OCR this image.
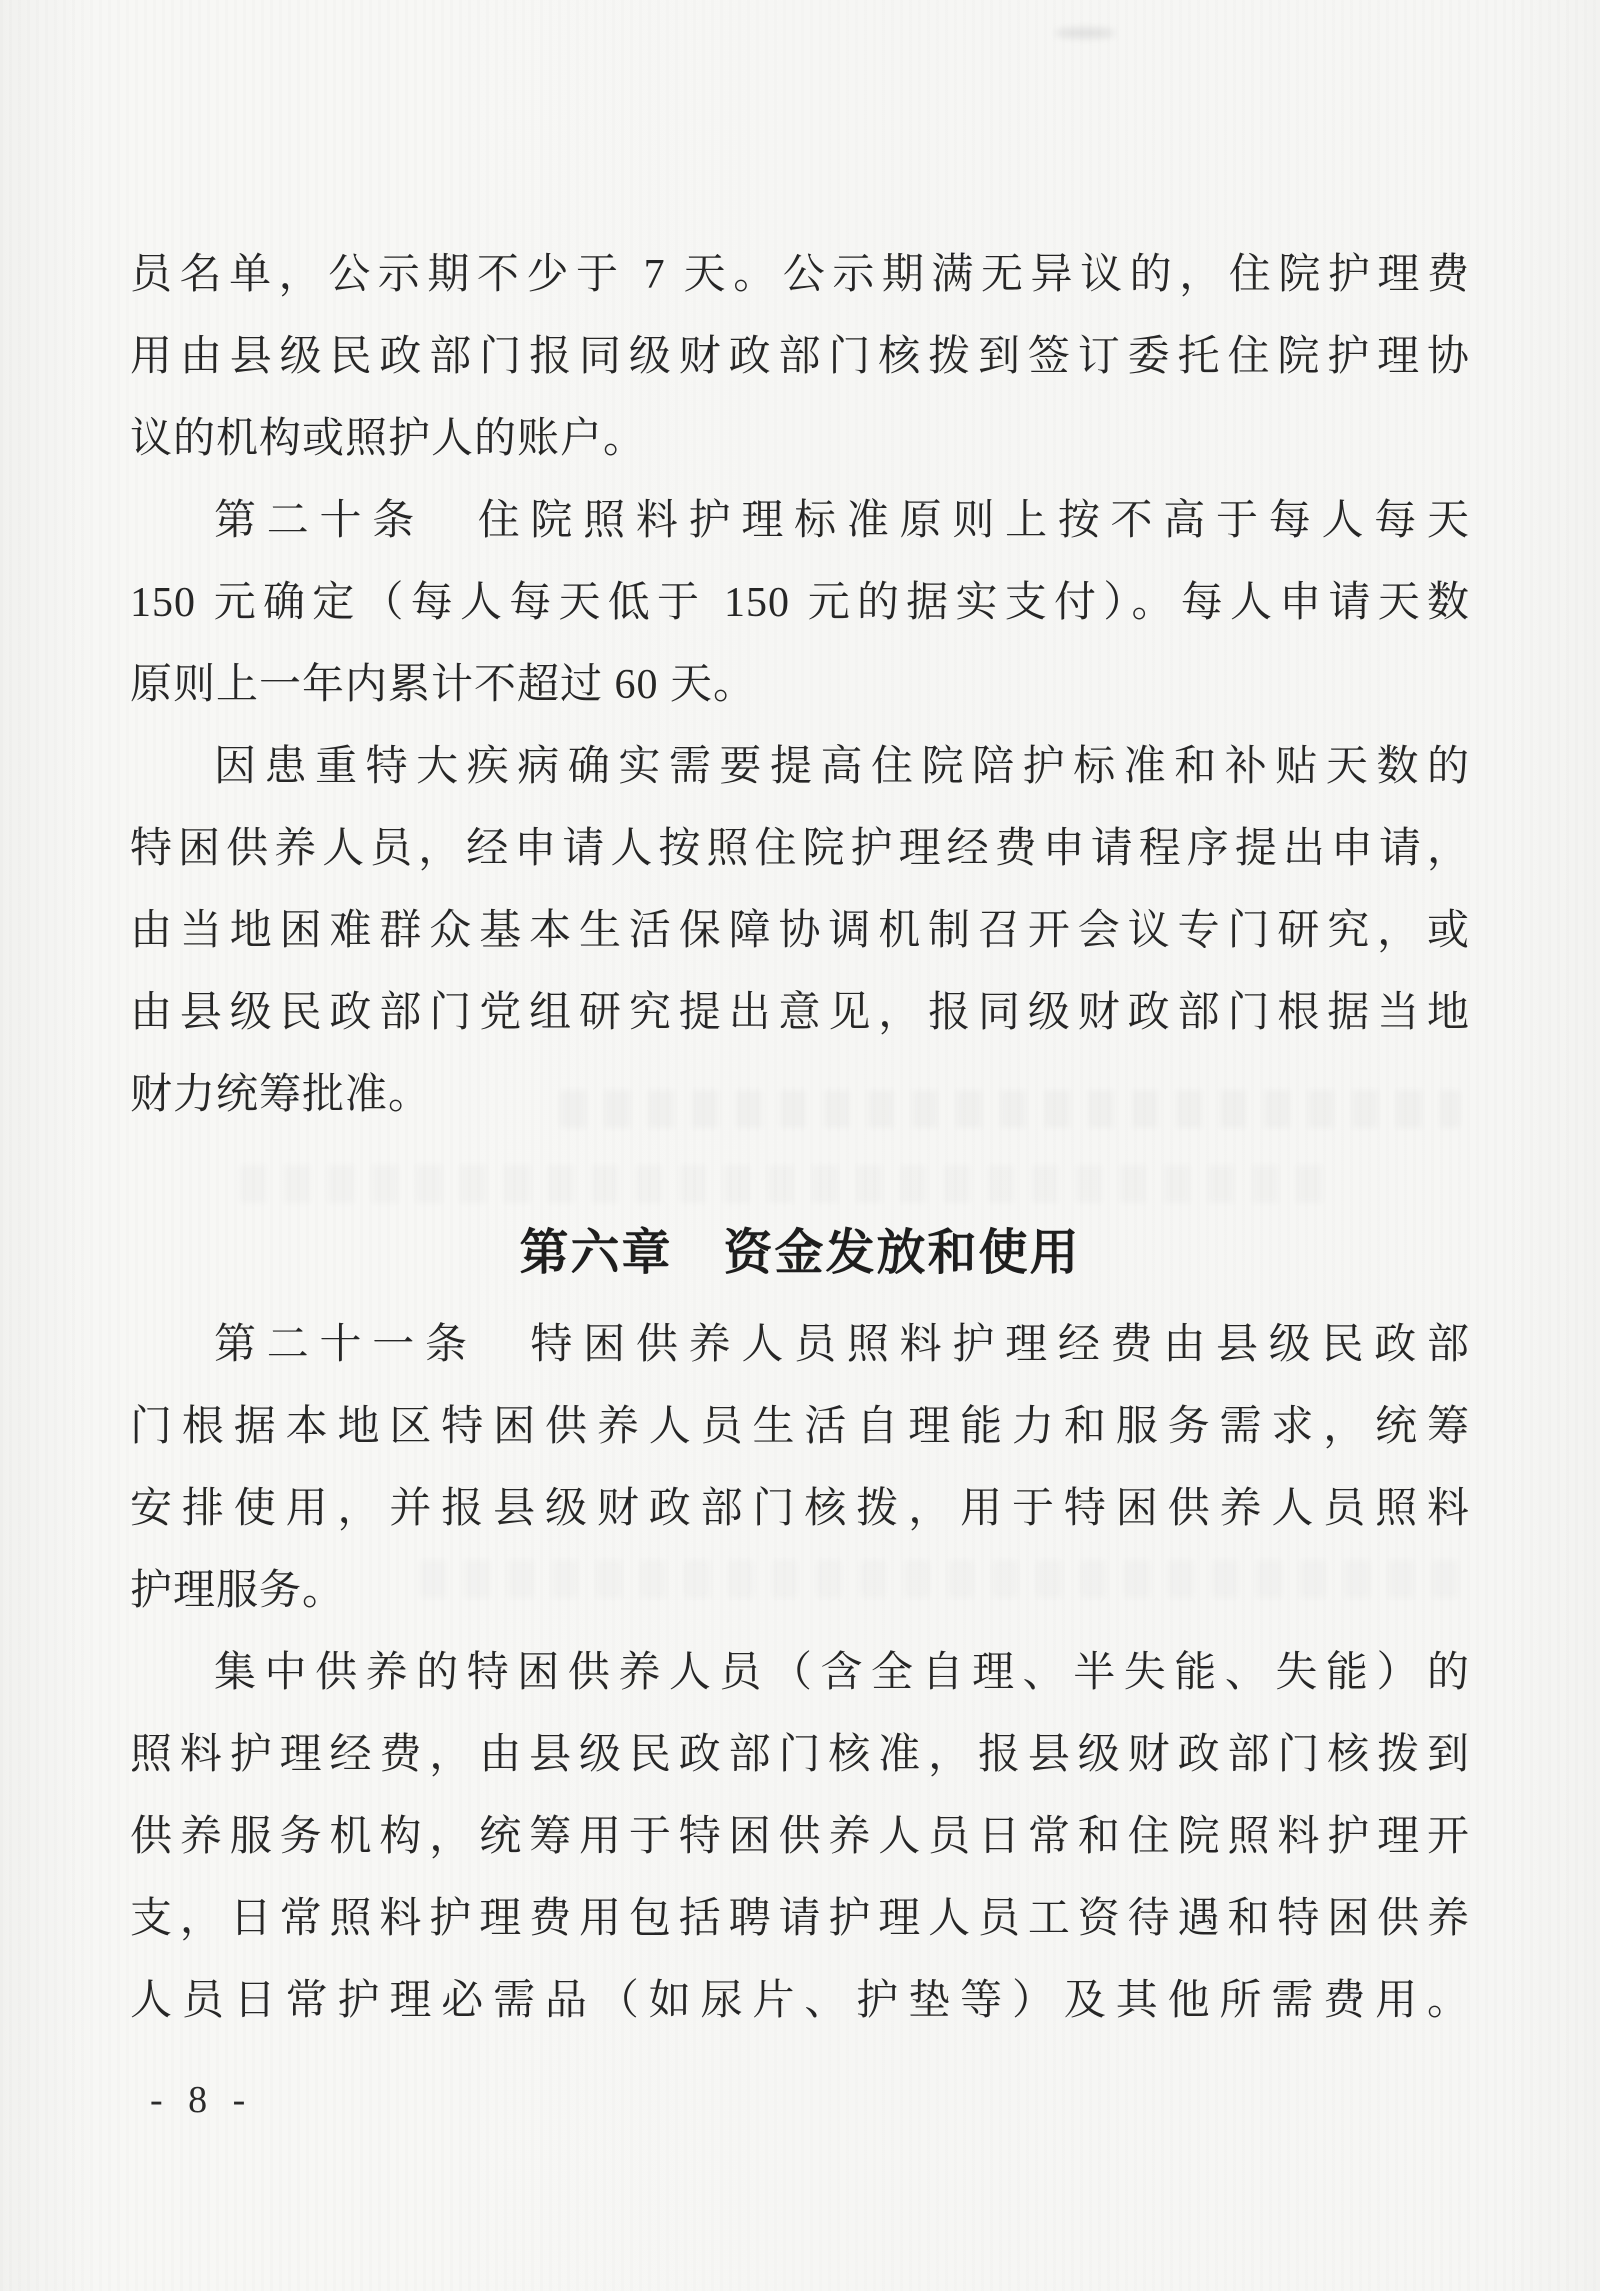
员名单，公示期不少于 7 天。公示期满无异议的，住院护理费
用由县级民政部门报同级财政部门核拨到签订委托住院护理协
议的机构或照护人的账户。
第二十条　住院照料护理标准原则上按不高于每人每天
150 元确定（每人每天低于 150 元的据实支付）。每人申请天数
原则上一年内累计不超过 60 天。
因患重特大疾病确实需要提高住院陪护标准和补贴天数的
特困供养人员，经申请人按照住院护理经费申请程序提出申请，
由当地困难群众基本生活保障协调机制召开会议专门研究，或
由县级民政部门党组研究提出意见，报同级财政部门根据当地
财力统筹批准。
第六章　资金发放和使用
第二十一条　特困供养人员照料护理经费由县级民政部
门根据本地区特困供养人员生活自理能力和服务需求，统筹
安排使用，并报县级财政部门核拨，用于特困供养人员照料
护理服务。
集中供养的特困供养人员（含全自理、半失能、失能）的
照料护理经费，由县级民政部门核准，报县级财政部门核拨到
供养服务机构，统筹用于特困供养人员日常和住院照料护理开
支，日常照料护理费用包括聘请护理人员工资待遇和特困供养
人员日常护理必需品（如尿片、护垫等）及其他所需费用。
- 8 -
